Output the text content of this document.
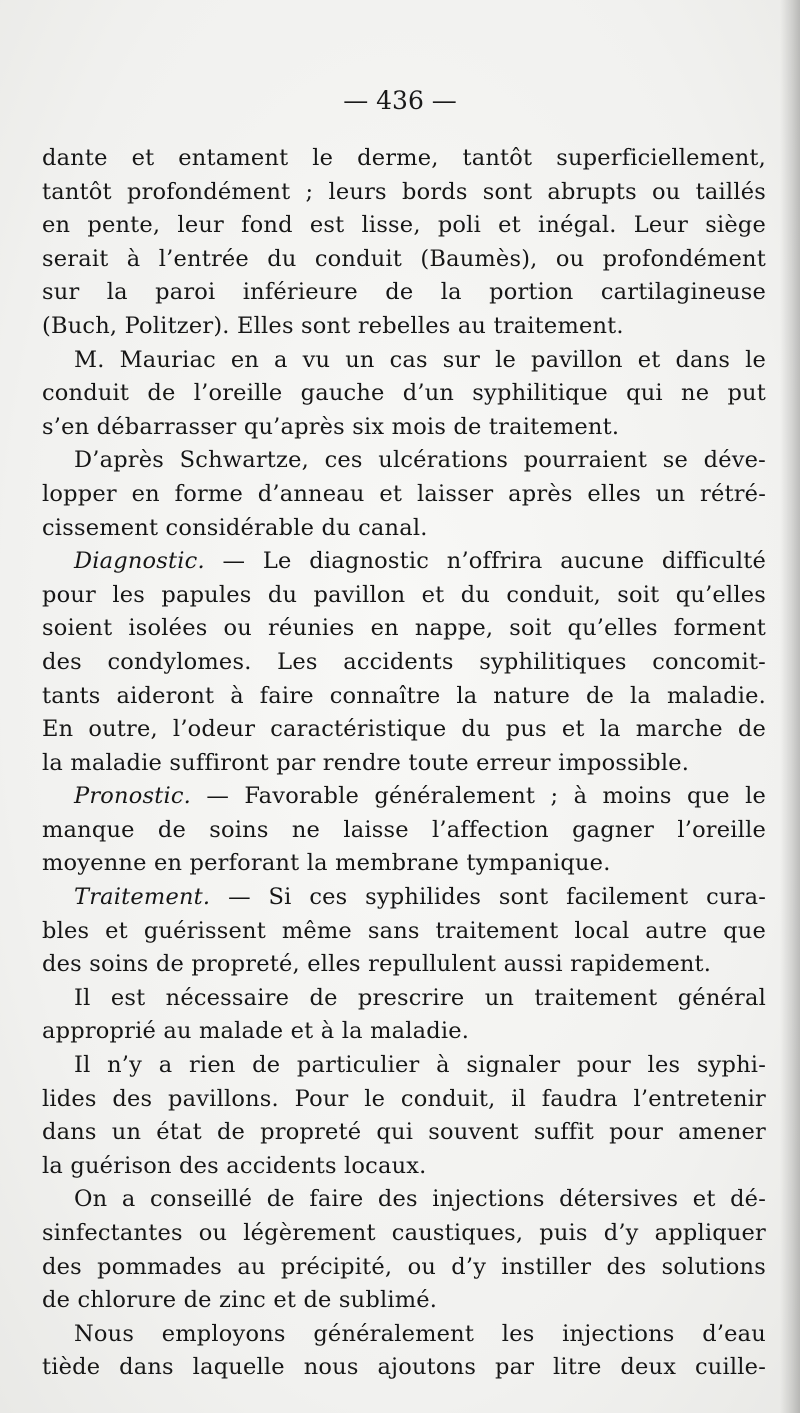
— 436 —
dante et entament le derme, tantôt superficiellement,
tantôt profondément ; leurs bords sont abrupts ou taillés
en pente, leur fond est lisse, poli et inégal. Leur siège
serait à l’entrée du conduit (Baumès), ou profondément
sur la paroi inférieure de la portion cartilagineuse
(Buch, Politzer). Elles sont rebelles au traitement.
M. Mauriac en a vu un cas sur le pavillon et dans le
conduit de l’oreille gauche d’un syphilitique qui ne put
s’en débarrasser qu’après six mois de traitement.
D’après Schwartze, ces ulcérations pourraient se déve-
lopper en forme d’anneau et laisser après elles un rétré-
cissement considérable du canal.
Diagnostic. — Le diagnostic n’offrira aucune difficulté
pour les papules du pavillon et du conduit, soit qu’elles
soient isolées ou réunies en nappe, soit qu’elles forment
des condylomes. Les accidents syphilitiques concomit-
tants aideront à faire connaître la nature de la maladie.
En outre, l’odeur caractéristique du pus et la marche de
la maladie suffiront par rendre toute erreur impossible.
Pronostic. — Favorable généralement ; à moins que le
manque de soins ne laisse l’affection gagner l’oreille
moyenne en perforant la membrane tympanique.
Traitement. — Si ces syphilides sont facilement cura-
bles et guérissent même sans traitement local autre que
des soins de propreté, elles repullulent aussi rapidement.
Il est nécessaire de prescrire un traitement général
approprié au malade et à la maladie.
Il n’y a rien de particulier à signaler pour les syphi-
lides des pavillons. Pour le conduit, il faudra l’entretenir
dans un état de propreté qui souvent suffit pour amener
la guérison des accidents locaux.
On a conseillé de faire des injections détersives et dé-
sinfectantes ou légèrement caustiques, puis d’y appliquer
des pommades au précipité, ou d’y instiller des solutions
de chlorure de zinc et de sublimé.
Nous employons généralement les injections d’eau
tiède dans laquelle nous ajoutons par litre deux cuille-
